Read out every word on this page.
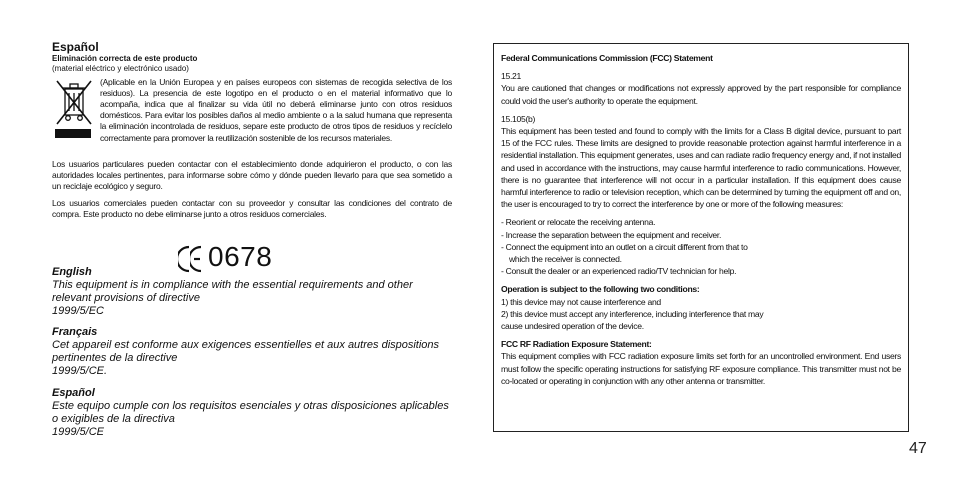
Español
Eliminación correcta de este producto
(material eléctrico y electrónico usado)

(Aplicable en la Unión Europea y en países europeos con sistemas de recogida selectiva de los residuos). La presencia de este logotipo en el producto o en el material informativo que lo acompaña, indica que al finalizar su vida útil no deberá eliminarse junto con otros residuos domésticos. Para evitar los posibles daños al medio ambiente o a la salud humana que representa la eliminación incontrolada de residuos, separe este producto de otros tipos de residuos y recíclelo correctamente para promover la reutilización sostenible de los recursos materiales.

Los usuarios particulares pueden contactar con el establecimiento donde adquirieron el producto, o con las autoridades locales pertinentes, para informarse sobre cómo y dónde pueden llevarlo para que sea sometido a un reciclaje ecológico y seguro.

Los usuarios comerciales pueden contactar con su proveedor y consultar las condiciones del contrato de compra. Este producto no debe eliminarse junto a otros residuos comerciales.

0678
English
This equipment is in compliance with the essential requirements and other relevant provisions of directive
1999/5/EC
Français
Cet appareil est conforme aux exigences essentielles et aux autres dispositions pertinentes de la directive
1999/5/CE.
Español
Este equipo cumple con los requisitos esenciales y otras disposiciones aplicables o exigibles de la directiva
1999/5/CE
Federal Communications Commission (FCC) Statement
15.21

You are cautioned that changes or modifications not expressly approved by the part responsible for compliance could void the user's authority to operate the equipment.

15.105(b)

This equipment has been tested and found to comply with the limits for a Class B digital device, pursuant to part 15 of the FCC rules. These limits are designed to provide reasonable protection against harmful interference in a residential installation. This equipment generates, uses and can radiate radio frequency energy and, if not installed and used in accordance with the instructions, may cause harmful interference to radio communications. However, there is no guarantee that interference will not occur in a particular installation. If this equipment does cause harmful interference to radio or television reception, which can be determined by turning the equipment off and on, the user is encouraged to try to correct the interference by one or more of the following measures:

- Reorient or relocate the receiving antenna.
- Increase the separation between the equipment and receiver.
- Connect the equipment into an outlet on a circuit different from that to
which the receiver is connected.
- Consult the dealer or an experienced radio/TV technician for help.
Operation is subject to the following two conditions:
1) this device may not cause interference and
2) this device must accept any interference, including interference that may
cause undesired operation of the device.
FCC RF Radiation Exposure Statement:

This equipment complies with FCC radiation exposure limits set forth for an uncontrolled environment. End users must follow the specific operating instructions for satisfying RF exposure compliance. This transmitter must not be co-located or operating in conjunction with any other antenna or transmitter.

47
